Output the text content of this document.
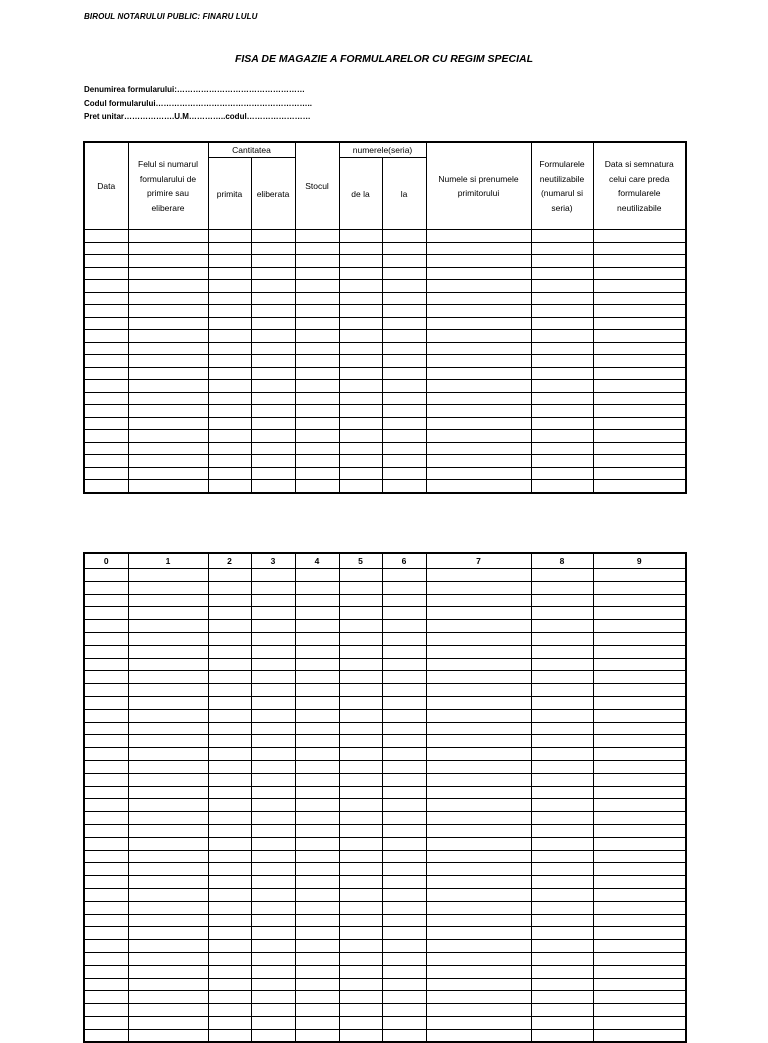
BIROUL NOTARULUI PUBLIC: FINARU LULU
FISA DE MAGAZIE A FORMULARELOR CU REGIM SPECIAL
Denumirea formularului:…………………………………………
Codul formularului…………………………………………………..
Pret unitar……………….U.M…………..codul……………………
Data	Felul si numarul formularului de primire sau eliberare	Cantitatea		Stocul	numerele(seria)		Numele si prenumele primitorului	Formularele neutilizabile (numarul si seria)	Data si semnatura celui care preda formularele neutilizabile
		primita	eliberata		de la	la			

0	1	2	3	4	5	6	7	8	9
